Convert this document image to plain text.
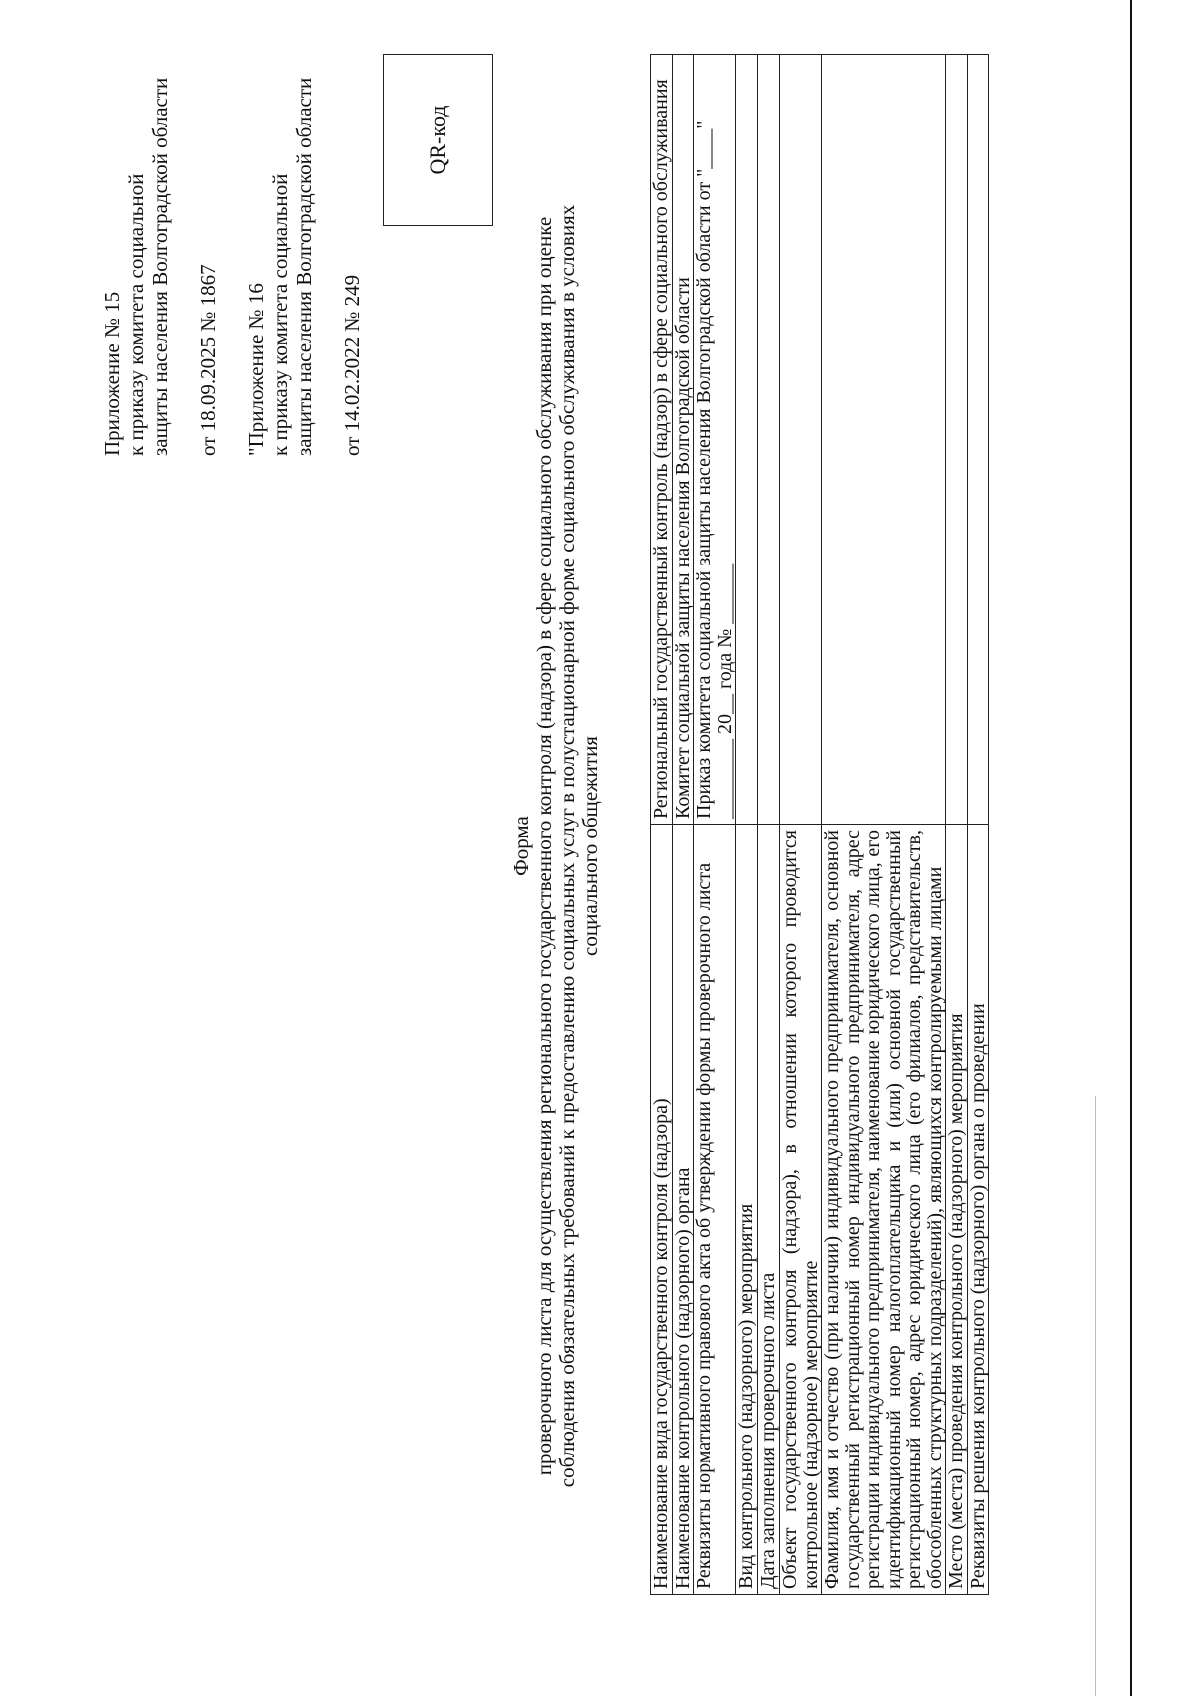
Приложение № 15 к приказу комитета социальной защиты населения Волгоградской области от 18.09.2025 № 1867 "Приложение № 16 к приказу комитета социальной защиты населения Волгоградской области от 14.02.2022 № 249
QR-код
Форма проверочного листа для осуществления регионального государственного контроля (надзора) в сфере социального обслуживания при оценке соблюдения обязательных требований к предоставлению социальных услуг в полустационарной форме социального обслуживания в условиях социального общежития
Наименование вида государственного контроля (надзора)	Региональный государственный контроль (надзор) в сфере социального обслуживания
Наименование контрольного (надзорного) органа	Комитет социальной защиты населения Волгоградской области
Реквизиты нормативного правового акта об утверждении формы проверочного листа	Приказ комитета социальной защиты населения Волгоградской области от "____" ________ 20__ года № ______
Вид контрольного (надзорного) мероприятия	
Дата заполнения проверочного листа	
Объект государственного контроля (надзора), в отношении которого проводится контрольное (надзорное) мероприятие	
Фамилия, имя и отчество (при наличии) индивидуального предпринимателя, основной государственный регистрационный номер индивидуального предпринимателя, адрес регистрации индивидуального предпринимателя, наименование юридического лица, его идентификационный номер налогоплательщика и (или) основной государственный регистрационный номер, адрес юридического лица (его филиалов, представительств, обособленных структурных подразделений), являющихся контролируемыми лицами	
Место (места) проведения контрольного (надзорного) мероприятия	
Реквизиты решения контрольного (надзорного) органа о проведении	
